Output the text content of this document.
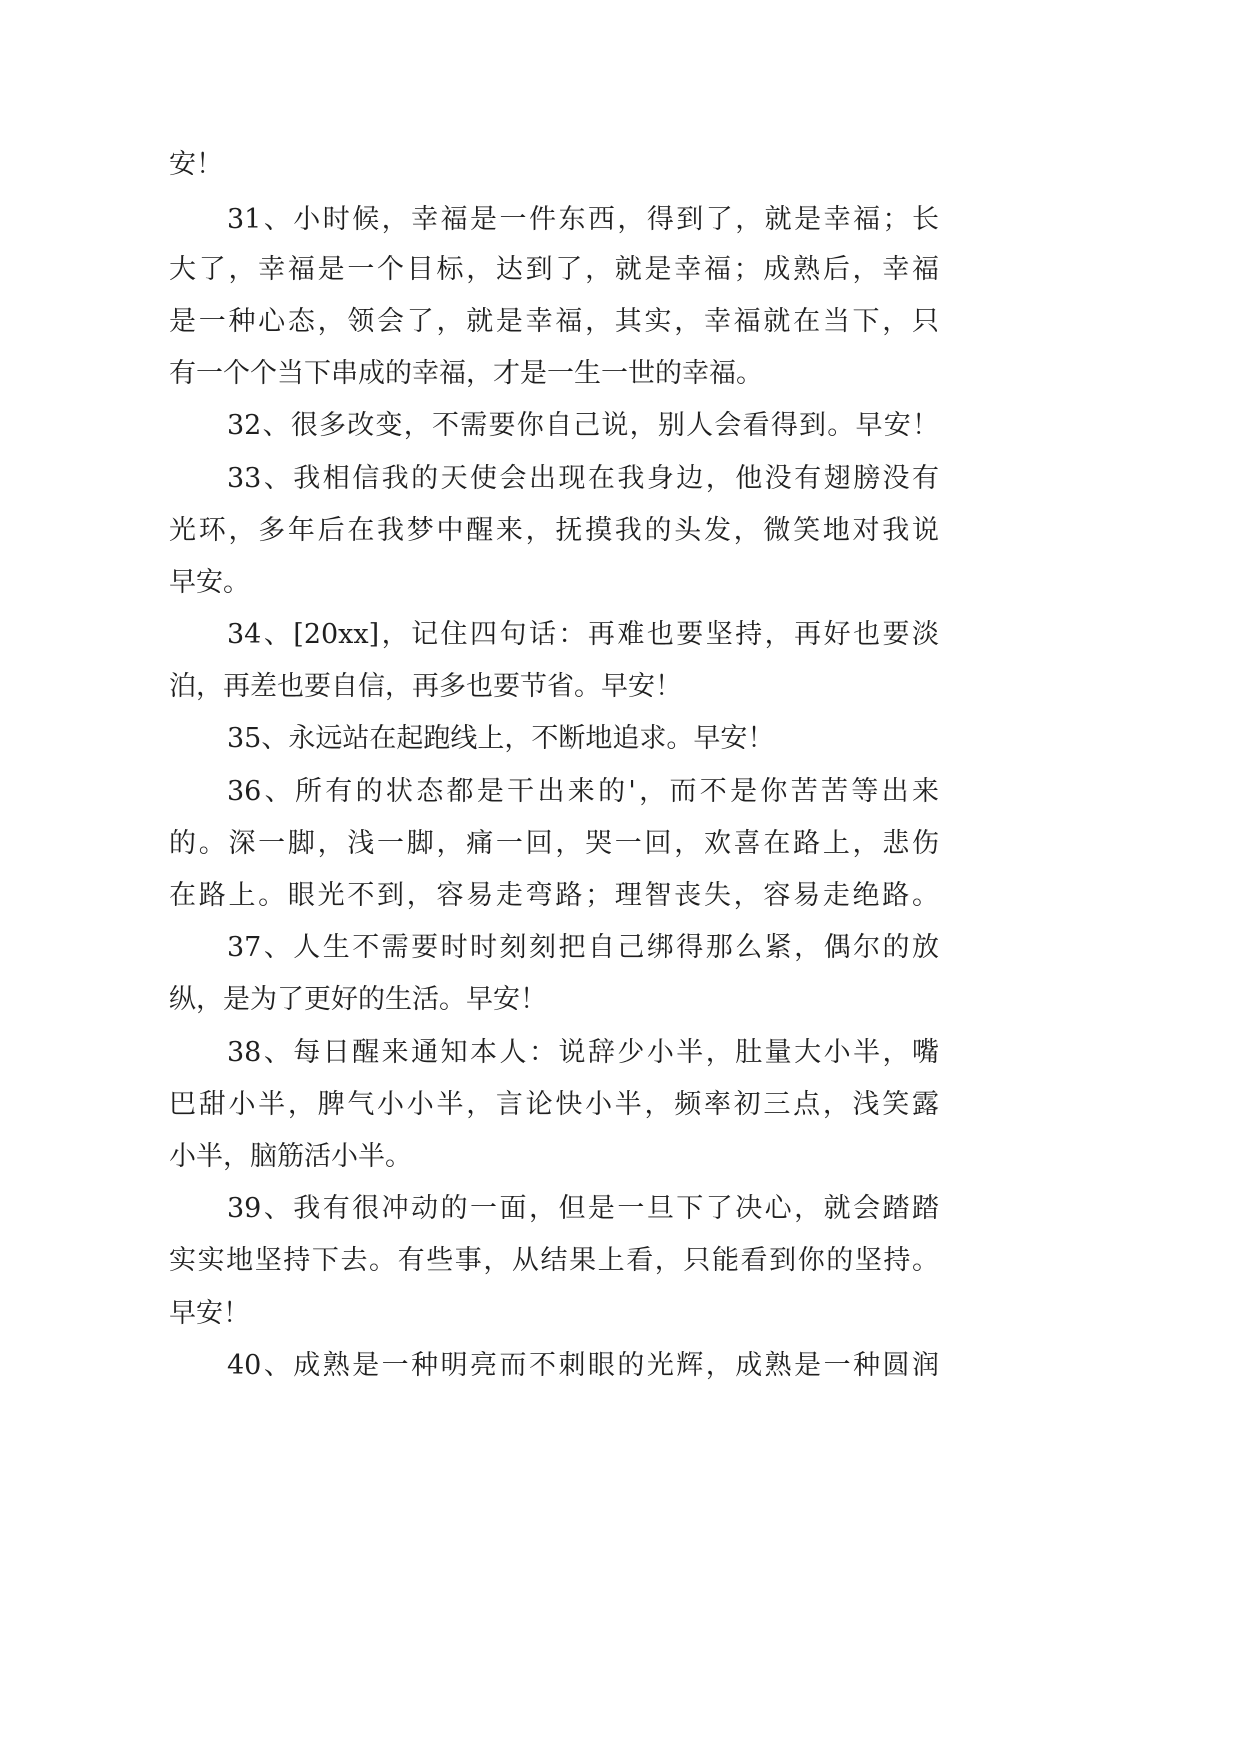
安！

31、小时候，幸福是一件东西，得到了，就是幸福；长

大了，幸福是一个目标，达到了，就是幸福；成熟后，幸福

是一种心态，领会了，就是幸福，其实，幸福就在当下，只

有一个个当下串成的幸福，才是一生一世的幸福。

32、很多改变，不需要你自己说，别人会看得到。早安！

33、我相信我的天使会出现在我身边，他没有翅膀没有

光环，多年后在我梦中醒来，抚摸我的头发，微笑地对我说

早安。

34、[20xx]，记住四句话：再难也要坚持，再好也要淡

泊，再差也要自信，再多也要节省。早安！

35、永远站在起跑线上，不断地追求。早安！

36、所有的状态都是干出来的'，而不是你苦苦等出来

的。深一脚，浅一脚，痛一回，哭一回，欢喜在路上，悲伤

在路上。眼光不到，容易走弯路；理智丧失，容易走绝路。

37、人生不需要时时刻刻把自己绑得那么紧，偶尔的放

纵，是为了更好的生活。早安！

38、每日醒来通知本人：说辞少小半，肚量大小半，嘴

巴甜小半，脾气小小半，言论快小半，频率初三点，浅笑露

小半，脑筋活小半。

39、我有很冲动的一面，但是一旦下了决心，就会踏踏

实实地坚持下去。有些事，从结果上看，只能看到你的坚持。

早安！

40、成熟是一种明亮而不刺眼的光辉，成熟是一种圆润
